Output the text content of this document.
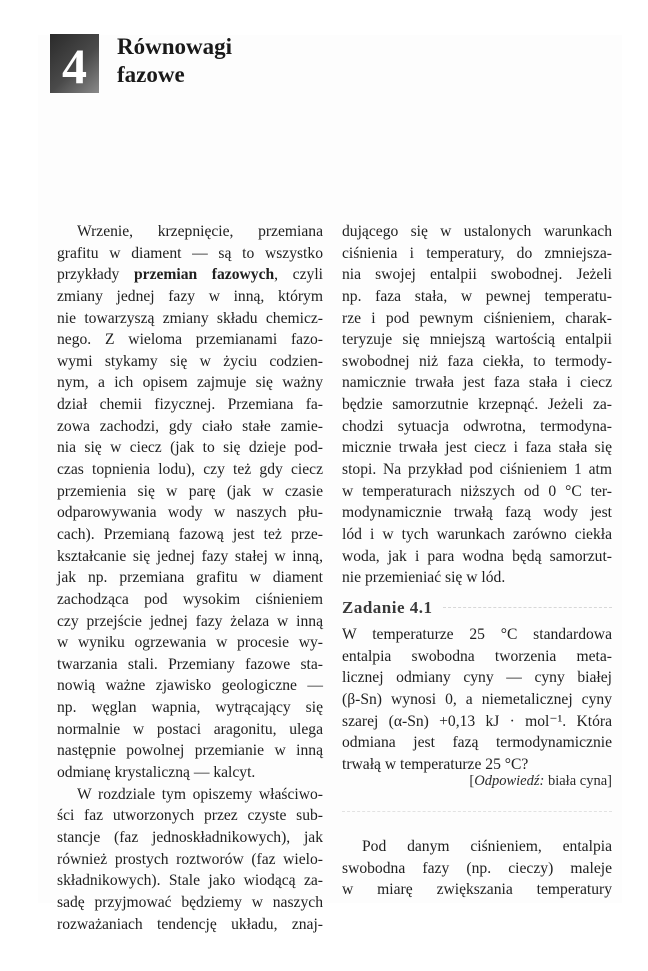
4 Równowagi
fazowe
Wrzenie, krzepnięcie, przemiana
grafitu w diament — są to wszystko
przykłady przemian fazowych, czyli
zmiany jednej fazy w inną, którym
nie towarzyszą zmiany składu chemicz-
nego. Z wieloma przemianami fazo-
wymi stykamy się w życiu codzien-
nym, a ich opisem zajmuje się ważny
dział chemii fizycznej. Przemiana fa-
zowa zachodzi, gdy ciało stałe zamie-
nia się w ciecz (jak to się dzieje pod-
czas topnienia lodu), czy też gdy ciecz
przemienia się w parę (jak w czasie
odparowywania wody w naszych płu-
cach). Przemianą fazową jest też prze-
kształcanie się jednej fazy stałej w inną,
jak np. przemiana grafitu w diament
zachodząca pod wysokim ciśnieniem
czy przejście jednej fazy żelaza w inną
w wyniku ogrzewania w procesie wy-
twarzania stali. Przemiany fazowe sta-
nowią ważne zjawisko geologiczne —
np. węglan wapnia, wytrącający się
normalnie w postaci aragonitu, ulega
następnie powolnej przemianie w inną
odmianę krystaliczną — kalcyt.
W rozdziale tym opiszemy właściwo-
ści faz utworzonych przez czyste sub-
stancje (faz jednoskładnikowych), jak
również prostych roztworów (faz wielo-
składnikowych). Stale jako wiodącą za-
sadę przyjmować będziemy w naszych
rozważaniach tendencję układu, znaj-
dującego się w ustalonych warunkach
ciśnienia i temperatury, do zmniejsza-
nia swojej entalpii swobodnej. Jeżeli
np. faza stała, w pewnej temperatu-
rze i pod pewnym ciśnieniem, charak-
teryzuje się mniejszą wartością entalpii
swobodnej niż faza ciekła, to termody-
namicznie trwała jest faza stała i ciecz
będzie samorzutnie krzepnąć. Jeżeli za-
chodzi sytuacja odwrotna, termodyna-
micznie trwała jest ciecz i faza stała się
stopi. Na przykład pod ciśnieniem 1 atm
w temperaturach niższych od 0 °C ter-
modynamicznie trwałą fazą wody jest
lód i w tych warunkach zarówno ciekła
woda, jak i para wodna będą samorzut-
nie przemieniać się w lód.
Zadanie 4.1
W temperaturze 25 °C standardowa
entalpia swobodna tworzenia meta-
licznej odmiany cyny — cyny białej
(β-Sn) wynosi 0, a niemetalicznej cyny
szarej (α-Sn) +0,13 kJ · mol⁻¹. Która
odmiana jest fazą termodynamicznie
trwałą w temperaturze 25 °C?
[Odpowiedź: biała cyna]
Pod danym ciśnieniem, entalpia
swobodna fazy (np. cieczy) maleje
w miarę zwiększania temperatury
